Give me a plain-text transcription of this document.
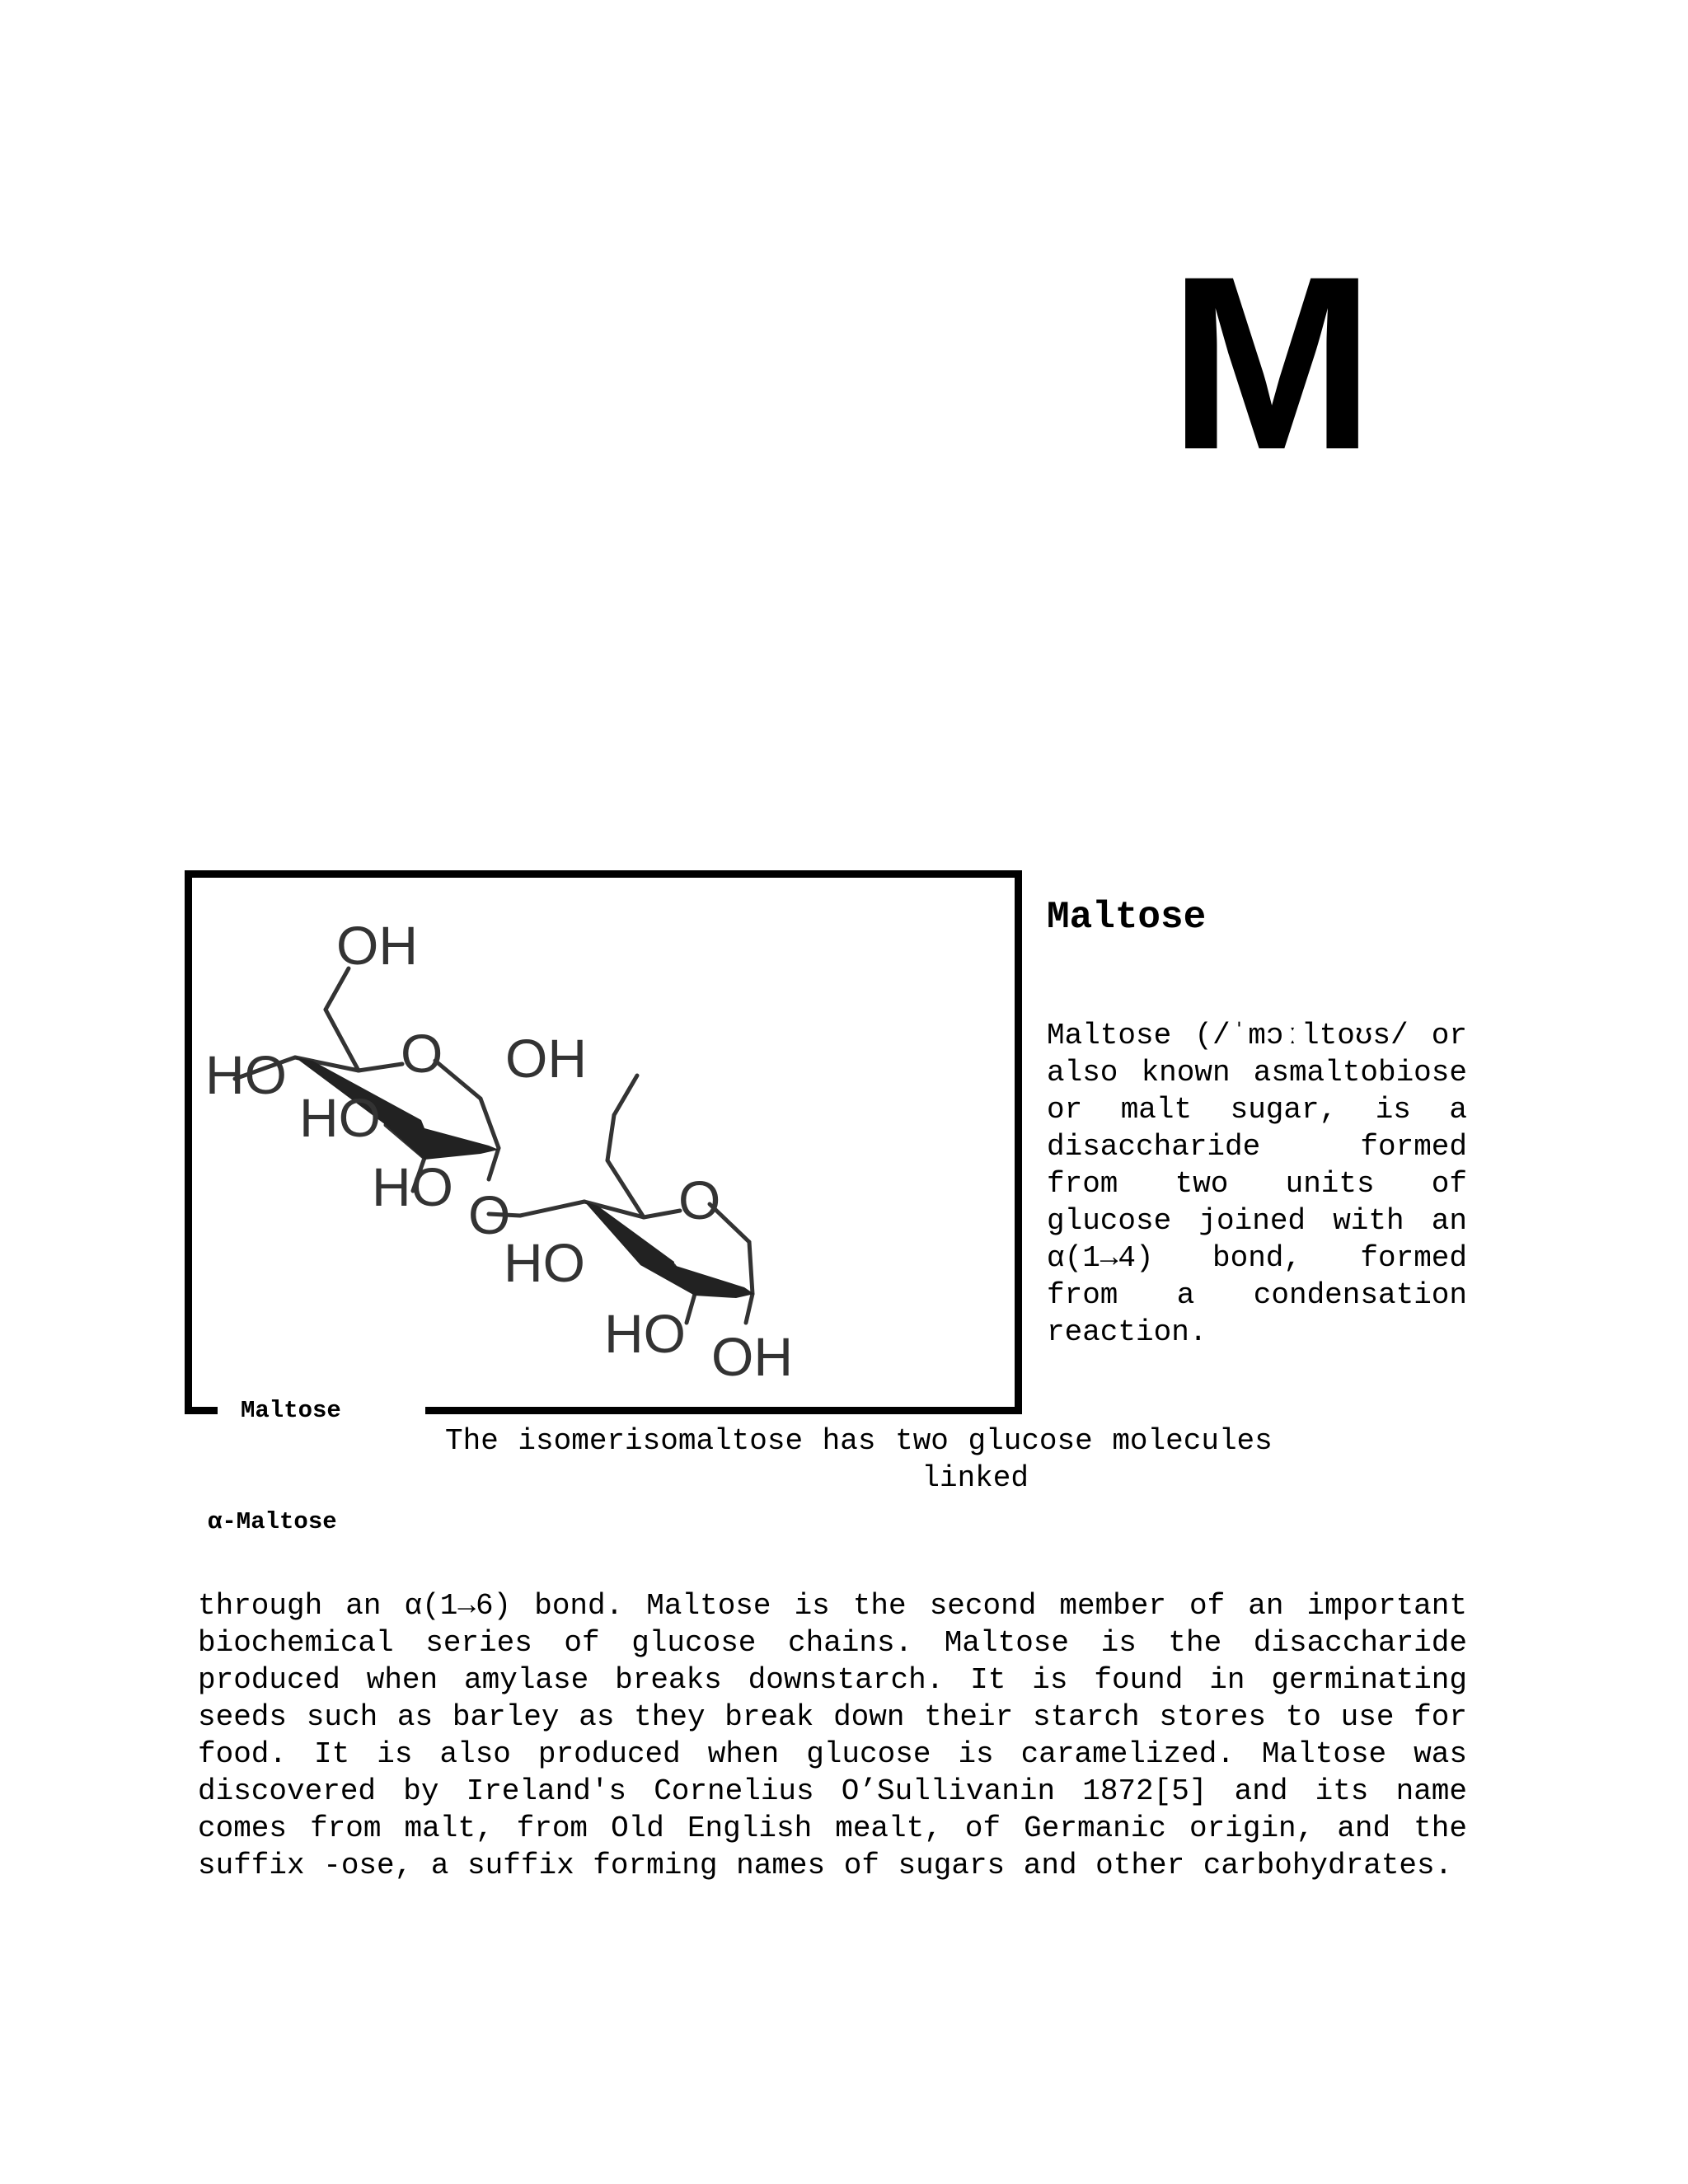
M
OH
HO O
HO
OH
HO O	O
HO
HO OH
Maltose
α-Maltose
Maltose
Maltose (/ˈmɔːltoʊs/ or also known asmaltobiose or malt sugar, is a disaccharide formed from two units of glucose joined with an α(1→4) bond, formed from a condensation reaction.
The isomerisomaltose has two glucose molecules
linked
through an α(1→6) bond. Maltose is the second member of an important biochemical series of glucose chains. Maltose is the disaccharide produced when amylase breaks downstarch. It is found in germinating seeds such as barley as they break down their starch stores to use for food. It is also produced when glucose is caramelized. Maltose was discovered by Ireland's Cornelius O’Sullivanin 1872[5] and its name comes from malt, from Old English mealt, of Germanic origin, and the suffix -ose, a suffix forming names of sugars and other carbohydrates.
